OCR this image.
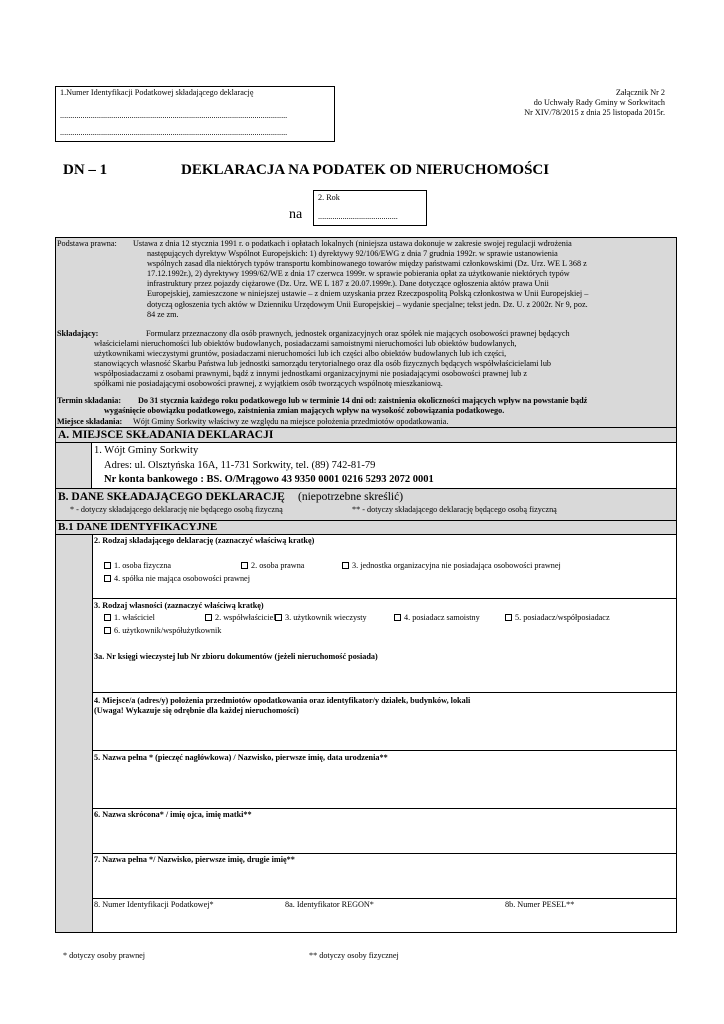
1.Numer Identyfikacji Podatkowej składającego deklarację
...............................................................................................................
...............................................................................................................
Załącznik Nr 2
do Uchwały Rady Gminy w Sorkwitach
Nr XIV/78/2015 z dnia 25 listopada 2015r.
DN – 1	DEKLARACJA NA PODATEK OD NIERUCHOMOŚCI
na
2. Rok
.......................................
Podstawa prawna: Ustawa z dnia 12 stycznia 1991 r. o podatkach i opłatach lokalnych (niniejsza ustawa dokonuje w zakresie swojej regulacji wdrożenia
następujących dyrektyw Wspólnot Europejskich: 1) dyrektywy 92/106/EWG z dnia 7 grudnia 1992r. w sprawie ustanowienia
wspólnych zasad dla niektórych typów transportu kombinowanego towarów między państwami członkowskimi (Dz. Urz. WE L 368 z
17.12.1992r.), 2) dyrektywy 1999/62/WE z dnia 17 czerwca 1999r. w sprawie pobierania opłat za użytkowanie niektórych typów
infrastruktury przez pojazdy ciężarowe (Dz. Urz. WE L 187 z 20.07.1999r.). Dane dotyczące ogłoszenia aktów prawa Unii
Europejskiej, zamieszczone w niniejszej ustawie – z dniem uzyskania przez Rzeczpospolitą Polską członkostwa w Unii Europejskiej –
dotyczą ogłoszenia tych aktów w Dzienniku Urzędowym Unii Europejskiej – wydanie specjalne; tekst jedn. Dz. U. z 2002r. Nr 9, poz.
84 ze zm.
Składający:	Formularz przeznaczony dla osób prawnych, jednostek organizacyjnych oraz spółek nie mających osobowości prawnej będących
właścicielami nieruchomości lub obiektów budowlanych, posiadaczami samoistnymi nieruchomości lub obiektów budowlanych,
użytkownikami wieczystymi gruntów, posiadaczami nieruchomości lub ich części albo obiektów budowlanych lub ich części,
stanowiących własność Skarbu Państwa lub jednostki samorządu terytorialnego oraz dla osób fizycznych będących współwłaścicielami lub
współposiadaczami z osobami prawnymi, bądź z innymi jednostkami organizacyjnymi nie posiadającymi osobowości prawnej lub z
spółkami nie posiadającymi osobowości prawnej, z wyjątkiem osób tworzących wspólnotę mieszkaniową.
Termin składania: Do 31 stycznia każdego roku podatkowego lub w terminie 14 dni od: zaistnienia okoliczności mających wpływ na powstanie bądź
wygaśnięcie obowiązku podatkowego, zaistnienia zmian mających wpływ na wysokość zobowiązania podatkowego.
Miejsce składania: Wójt Gminy Sorkwity właściwy ze względu na miejsce położenia przedmiotów opodatkowania.
A. MIEJSCE SKŁADANIA DEKLARACJI
1. Wójt Gminy Sorkwity
Adres: ul. Olsztyńska 16A, 11-731 Sorkwity, tel. (89) 742-81-79
Nr konta bankowego : BS. O/Mrągowo 43 9350 0001 0216 5293 2072 0001
B. DANE SKŁADAJĄCEGO DEKLARACJĘ (niepotrzebne skreślić)
* - dotyczy składającego deklarację nie będącego osobą fizyczną	** - dotyczy składającego deklarację będącego osobą fizyczną
B.1 DANE IDENTYFIKACYJNE
2. Rodzaj składającego deklarację (zaznaczyć właściwą kratkę)
1. osoba fizyczna	2. osoba prawna	3. jednostka organizacyjna nie posiadająca osobowości prawnej
4. spółka nie mająca osobowości prawnej
3. Rodzaj własności (zaznaczyć właściwą kratkę)
1. właściciel	2. współwłaściciel	3. użytkownik wieczysty	4. posiadacz samoistny	5. posiadacz/współposiadacz
6. użytkownik/współużytkownik
3a. Nr księgi wieczystej lub Nr zbioru dokumentów (jeżeli nieruchomość posiada)
4. Miejsce/a (adres/y) położenia przedmiotów opodatkowania oraz identyfikator/y działek, budynków, lokali
(Uwaga! Wykazuje się odrębnie dla każdej nieruchomości)
5. Nazwa pełna * (pieczęć nagłówkowa) / Nazwisko, pierwsze imię, data urodzenia**
6. Nazwa skrócona* / imię ojca, imię matki**
7. Nazwa pełna */ Nazwisko, pierwsze imię, drugie imię**
8. Numer Identyfikacji Podatkowej*	8a. Identyfikator REGON*	8b. Numer PESEL**
* dotyczy osoby prawnej	** dotyczy osoby fizycznej
